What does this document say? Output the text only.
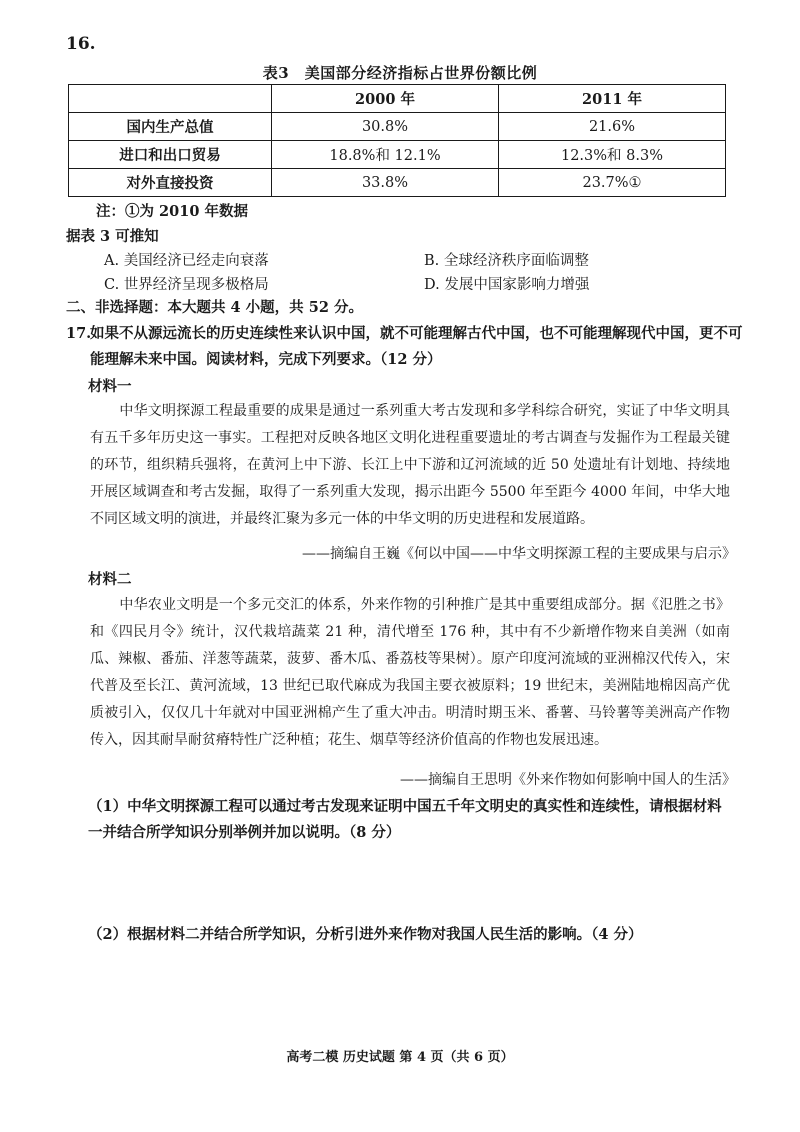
16.
表3　美国部分经济指标占世界份额比例
	2000 年	2011 年
国内生产总值	30.8%	21.6%
进口和出口贸易	18.8%和 12.1%	12.3%和 8.3%
对外直接投资	33.8%	23.7%①
注：①为 2010 年数据
据表 3 可推知
A. 美国经济已经走向衰落	B. 全球经济秩序面临调整
C. 世界经济呈现多极格局	D. 发展中国家影响力增强
二、非选择题：本大题共 4 小题，共 52 分。
17.
如果不从源远流长的历史连续性来认识中国，就不可能理解古代中国，也不可能理解现代中国，更不可能理解未来中国。阅读材料，完成下列要求。（12 分）
材料一

中华文明探源工程最重要的成果是通过一系列重大考古发现和多学科综合研究，实证了中华文明具有五千多年历史这一事实。工程把对反映各地区文明化进程重要遗址的考古调查与发掘作为工程最关键的环节，组织精兵强将，在黄河上中下游、长江上中下游和辽河流域的近 50 处遗址有计划地、持续地开展区域调查和考古发掘，取得了一系列重大发现，揭示出距今 5500 年至距今 4000 年间，中华大地不同区域文明的演进，并最终汇聚为多元一体的中华文明的历史进程和发展道路。

——摘编自王巍《何以中国——中华文明探源工程的主要成果与启示》
材料二

中华农业文明是一个多元交汇的体系，外来作物的引种推广是其中重要组成部分。据《氾胜之书》和《四民月令》统计，汉代栽培蔬菜 21 种，清代增至 176 种，其中有不少新增作物来自美洲（如南瓜、辣椒、番茄、洋葱等蔬菜，菠萝、番木瓜、番荔枝等果树）。原产印度河流域的亚洲棉汉代传入，宋代普及至长江、黄河流域，13 世纪已取代麻成为我国主要衣被原料；19 世纪末，美洲陆地棉因高产优质被引入，仅仅几十年就对中国亚洲棉产生了重大冲击。明清时期玉米、番薯、马铃薯等美洲高产作物传入，因其耐旱耐贫瘠特性广泛种植；花生、烟草等经济价值高的作物也发展迅速。

——摘编自王思明《外来作物如何影响中国人的生活》
（1）中华文明探源工程可以通过考古发现来证明中国五千年文明史的真实性和连续性，请根据材料一并结合所学知识分别举例并加以说明。（8 分）
（2）根据材料二并结合所学知识，分析引进外来作物对我国人民生活的影响。（4 分）
高考二模 历史试题 第 4 页（共 6 页）
